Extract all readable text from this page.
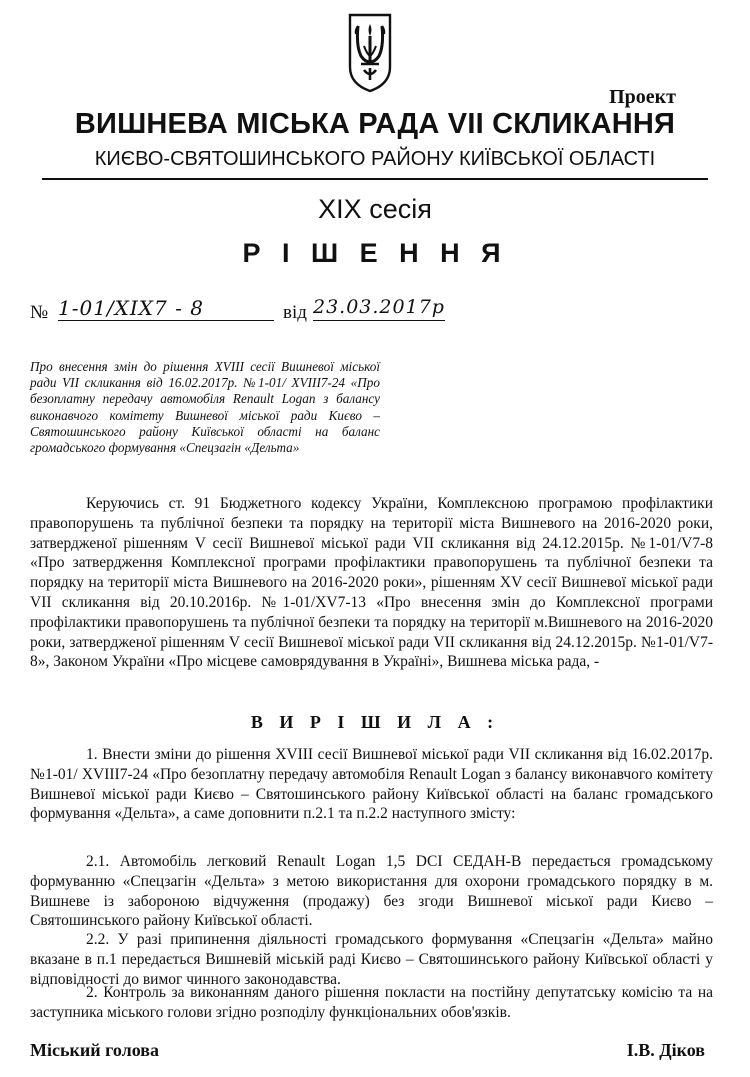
Проект
ВИШНЕВА МІСЬКА РАДА VII СКЛИКАННЯ
КИЄВО-СВЯТОШИНСЬКОГО РАЙОНУ КИЇВСЬКОЇ ОБЛАСТІ
XIX сесія
Р І Ш Е Н Н Я
№ 1-01/XIX7 - 8	від 23.03.2017р
Про внесення змін до рішення XVIII сесії Вишневої міської ради VII скликання від 16.02.2017р. №1-01/ XVIII7-24 «Про безоплатну передачу автомобіля Renault Logan з балансу виконавчого комітету Вишневої міської ради Києво – Святошинського району Київської області на баланс громадського формування «Спецзагін «Дельта»
Керуючись ст. 91 Бюджетного кодексу України, Комплексною програмою профілактики правопорушень та публічної безпеки та порядку на території міста Вишневого на 2016-2020 роки, затвердженої рішенням V сесії Вишневої міської ради VII скликання від 24.12.2015р. №1-01/V7-8 «Про затвердження Комплексної програми профілактики правопорушень та публічної безпеки та порядку на території міста Вишневого на 2016-2020 роки», рішенням XV сесії Вишневої міської ради VII скликання від 20.10.2016р. №1-01/XV7-13 «Про внесення змін до Комплексної програми профілактики правопорушень та публічної безпеки та порядку на території м.Вишневого на 2016-2020 роки, затвердженої рішенням V сесії Вишневої міської ради VII скликання від 24.12.2015р. №1-01/V7-8», Законом України «Про місцеве самоврядування в Україні», Вишнева міська рада, -
В И Р І Ш И Л А :
1. Внести зміни до рішення XVIII сесії Вишневої міської ради VII скликання від 16.02.2017р. №1-01/ XVIII7-24 «Про безоплатну передачу автомобіля Renault Logan з балансу виконавчого комітету Вишневої міської ради Києво – Святошинського району Київської області на баланс громадського формування «Дельта», а саме доповнити п.2.1 та п.2.2 наступного змісту:
2.1. Автомобіль легковий Renault Logan 1,5 DCI СЕДАН-B передається громадському формуванню «Спецзагін «Дельта» з метою використання для охорони громадського порядку в м. Вишневе із забороною відчуження (продажу) без згоди Вишневої міської ради Києво – Святошинського району Київської області.
2.2. У разі припинення діяльності громадського формування «Спецзагін «Дельта» майно вказане в п.1 передається Вишневій міській раді Києво – Святошинського району Київської області у відповідності до вимог чинного законодавства.
2. Контроль за виконанням даного рішення покласти на постійну депутатську комісію та на заступника міського голови згідно розподілу функціональних обов'язків.
Міський голова	І.В. Діков
